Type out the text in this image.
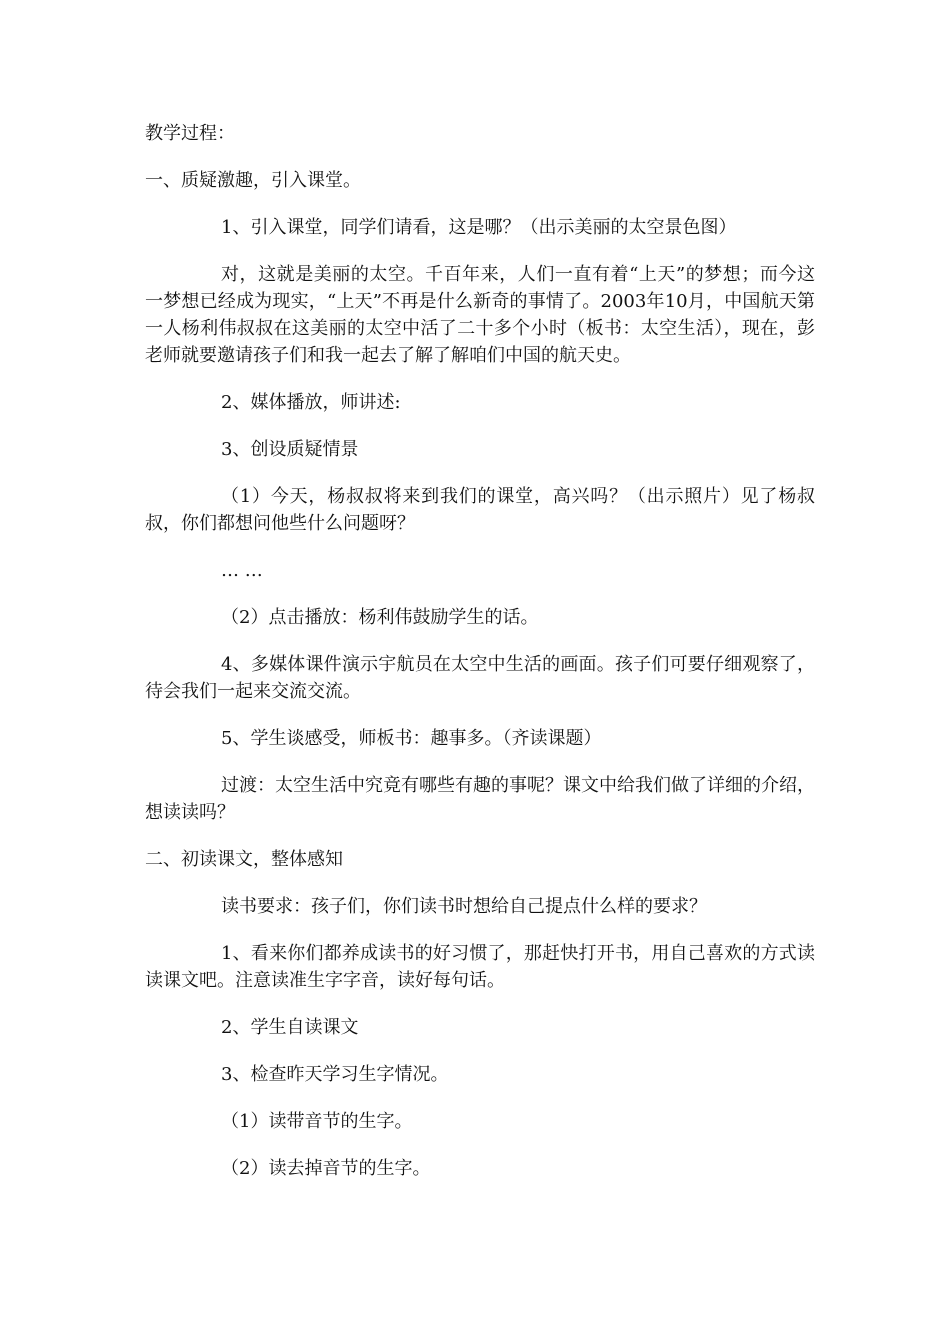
教学过程：

一、质疑激趣，引入课堂。

1、引入课堂，同学们请看，这是哪？（出示美丽的太空景色图）

对，这就是美丽的太空。千百年来，人们一直有着“上天”的梦想；而今这一梦想已经成为现实，“上天”不再是什么新奇的事情了。2003年10月，中国航天第一人杨利伟叔叔在这美丽的太空中活了二十多个小时（板书：太空生活），现在，彭老师就要邀请孩子们和我一起去了解了解咱们中国的航天史。

2、媒体播放，师讲述:

3、创设质疑情景

（1）今天，杨叔叔将来到我们的课堂，高兴吗？（出示照片）见了杨叔叔，你们都想问他些什么问题呀？

… …

（2）点击播放：杨利伟鼓励学生的话。

4、多媒体课件演示宇航员在太空中生活的画面。孩子们可要仔细观察了，待会我们一起来交流交流。

5、学生谈感受，师板书：趣事多。（齐读课题）

过渡：太空生活中究竟有哪些有趣的事呢？课文中给我们做了详细的介绍，想读读吗？

二、初读课文，整体感知

读书要求：孩子们，你们读书时想给自己提点什么样的要求？

1、看来你们都养成读书的好习惯了，那赶快打开书，用自己喜欢的方式读读课文吧。注意读准生字字音，读好每句话。

2、学生自读课文

3、检查昨天学习生字情况。

（1）读带音节的生字。

（2）读去掉音节的生字。
